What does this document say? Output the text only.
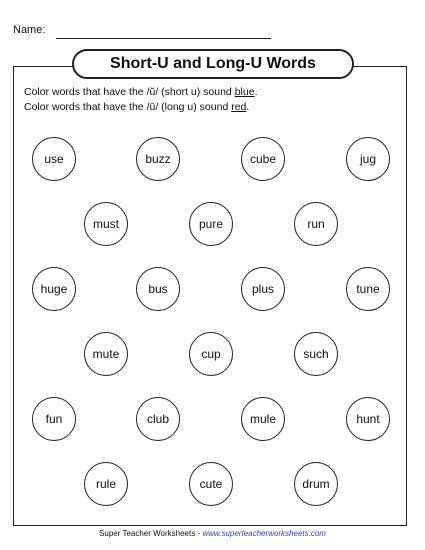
Name:
Short-U and Long-U Words
Color words that have the /ŭ/ (short u) sound blue.
Color words that have the /ū/ (long u) sound red.
use	buzz	cube	jug
must	pure	run
huge	bus	plus	tune
mute	cup	such
fun	club	mule	hunt
rule	cute	drum
Super Teacher Worksheets - www.superteacherworksheets.com
